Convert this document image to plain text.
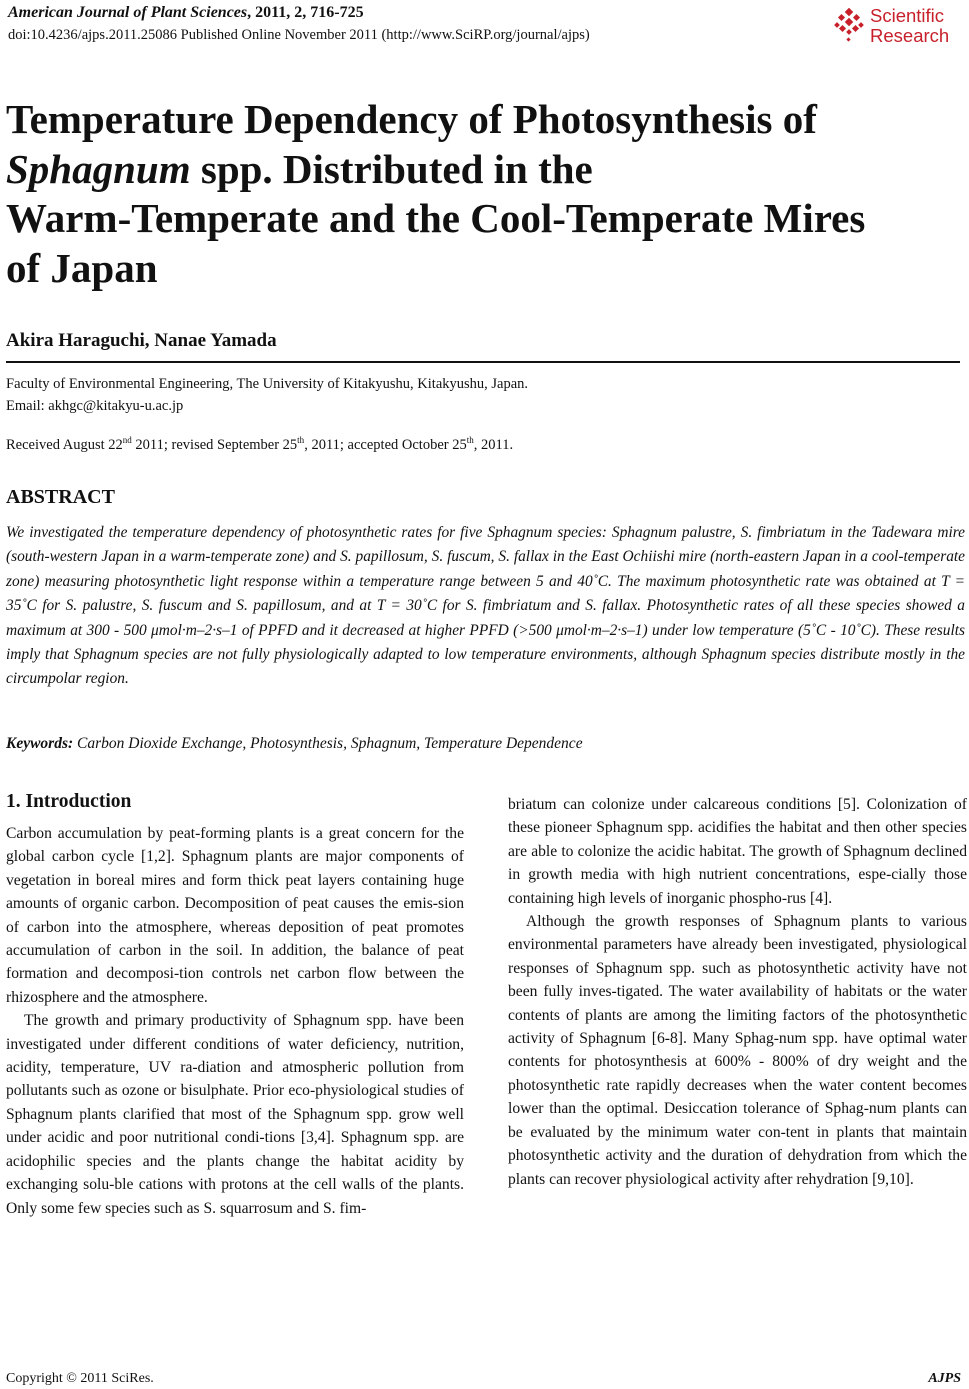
American Journal of Plant Sciences, 2011, 2, 716-725
doi:10.4236/ajps.2011.25086 Published Online November 2011 (http://www.SciRP.org/journal/ajps)
Scientific
Research
Temperature Dependency of Photosynthesis of
Sphagnum spp. Distributed in the
Warm-Temperate and the Cool-Temperate Mires
of Japan
Akira Haraguchi, Nanae Yamada
Faculty of Environmental Engineering, The University of Kitakyushu, Kitakyushu, Japan.
Email: akhgc@kitakyu-u.ac.jp
Received August 22nd 2011; revised September 25th, 2011; accepted October 25th, 2011.
ABSTRACT

We investigated the temperature dependency of photosynthetic rates for five Sphagnum species: Sphagnum palustre, S. fimbriatum in the Tadewara mire (south-western Japan in a warm-temperate zone) and S. papillosum, S. fuscum, S. fallax in the East Ochiishi mire (north-eastern Japan in a cool-temperate zone) measuring photosynthetic light response within a temperature range between 5 and 40˚C. The maximum photosynthetic rate was obtained at T = 35˚C for S. palustre, S. fuscum and S. papillosum, and at T = 30˚C for S. fimbriatum and S. fallax. Photosynthetic rates of all these species showed a maximum at 300 - 500 μmol·m–2·s–1 of PPFD and it decreased at higher PPFD (>500 μmol·m–2·s–1) under low temperature (5˚C - 10˚C). These results imply that Sphagnum species are not fully physiologically adapted to low temperature environments, although Sphagnum species distribute mostly in the circumpolar region.

Keywords: Carbon Dioxide Exchange, Photosynthesis, Sphagnum, Temperature Dependence
1. Introduction

Carbon accumulation by peat-forming plants is a great concern for the global carbon cycle [1,2]. Sphagnum plants are major components of vegetation in boreal mires and form thick peat layers containing huge amounts of organic carbon. Decomposition of peat causes the emis-sion of carbon into the atmosphere, whereas deposition of peat promotes accumulation of carbon in the soil. In addition, the balance of peat formation and decomposi-tion controls net carbon flow between the rhizosphere and the atmosphere.

The growth and primary productivity of Sphagnum spp. have been investigated under different conditions of water deficiency, nutrition, acidity, temperature, UV ra-diation and atmospheric pollution from pollutants such as ozone or bisulphate. Prior eco-physiological studies of Sphagnum plants clarified that most of the Sphagnum spp. grow well under acidic and poor nutritional condi-tions [3,4]. Sphagnum spp. are acidophilic species and the plants change the habitat acidity by exchanging solu-ble cations with protons at the cell walls of the plants. Only some few species such as S. squarrosum and S. fim-

briatum can colonize under calcareous conditions [5]. Colonization of these pioneer Sphagnum spp. acidifies the habitat and then other species are able to colonize the acidic habitat. The growth of Sphagnum declined in growth media with high nutrient concentrations, espe-cially those containing high levels of inorganic phospho-rus [4].

Although the growth responses of Sphagnum plants to various environmental parameters have already been investigated, physiological responses of Sphagnum spp. such as photosynthetic activity have not been fully inves-tigated. The water availability of habitats or the water contents of plants are among the limiting factors of the photosynthetic activity of Sphagnum [6-8]. Many Sphag-num spp. have optimal water contents for photosynthesis at 600% - 800% of dry weight and the photosynthetic rate rapidly decreases when the water content becomes lower than the optimal. Desiccation tolerance of Sphag-num plants can be evaluated by the minimum water con-tent in plants that maintain photosynthetic activity and the duration of dehydration from which the plants can recover physiological activity after rehydration [9,10].

Copyright © 2011 SciRes.	AJPS
